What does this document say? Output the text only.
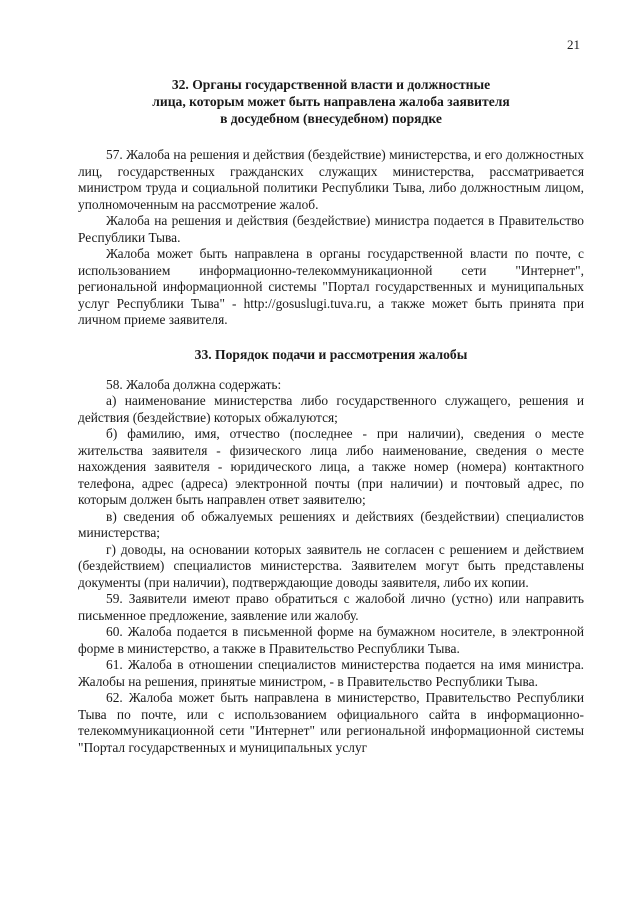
21
32. Органы государственной власти и должностные
лица, которым может быть направлена жалоба заявителя
в досудебном (внесудебном) порядке

57. Жалоба на решения и действия (бездействие) министерства, и его должностных лиц, государственных гражданских служащих министерства, рассматривается министром труда и социальной политики Республики Тыва, либо должностным лицом, уполномоченным на рассмотрение жалоб.

Жалоба на решения и действия (бездействие) министра подается в Правительство Республики Тыва.

Жалоба может быть направлена в органы государственной власти по почте, с использованием информационно-телекоммуникационной сети "Интернет", региональной информационной системы "Портал государственных и муниципальных услуг Республики Тыва" - http://gosuslugi.tuva.ru, а также может быть принята при личном приеме заявителя.

33. Порядок подачи и рассмотрения жалобы

58. Жалоба должна содержать:

а) наименование министерства либо государственного служащего, решения и действия (бездействие) которых обжалуются;

б) фамилию, имя, отчество (последнее - при наличии), сведения о месте жительства заявителя - физического лица либо наименование, сведения о месте нахождения заявителя - юридического лица, а также номер (номера) контактного телефона, адрес (адреса) электронной почты (при наличии) и почтовый адрес, по которым должен быть направлен ответ заявителю;

в) сведения об обжалуемых решениях и действиях (бездействии) специалистов министерства;

г) доводы, на основании которых заявитель не согласен с решением и действием (бездействием) специалистов министерства. Заявителем могут быть представлены документы (при наличии), подтверждающие доводы заявителя, либо их копии.

59. Заявители имеют право обратиться с жалобой лично (устно) или направить письменное предложение, заявление или жалобу.

60. Жалоба подается в письменной форме на бумажном носителе, в электронной форме в министерство, а также в Правительство Республики Тыва.

61. Жалоба в отношении специалистов министерства подается на имя министра. Жалобы на решения, принятые министром, - в Правительство Республики Тыва.

62. Жалоба может быть направлена в министерство, Правительство Республики Тыва по почте, или с использованием официального сайта в информационно-телекоммуникационной сети "Интернет" или региональной информационной системы "Портал государственных и муниципальных услуг
